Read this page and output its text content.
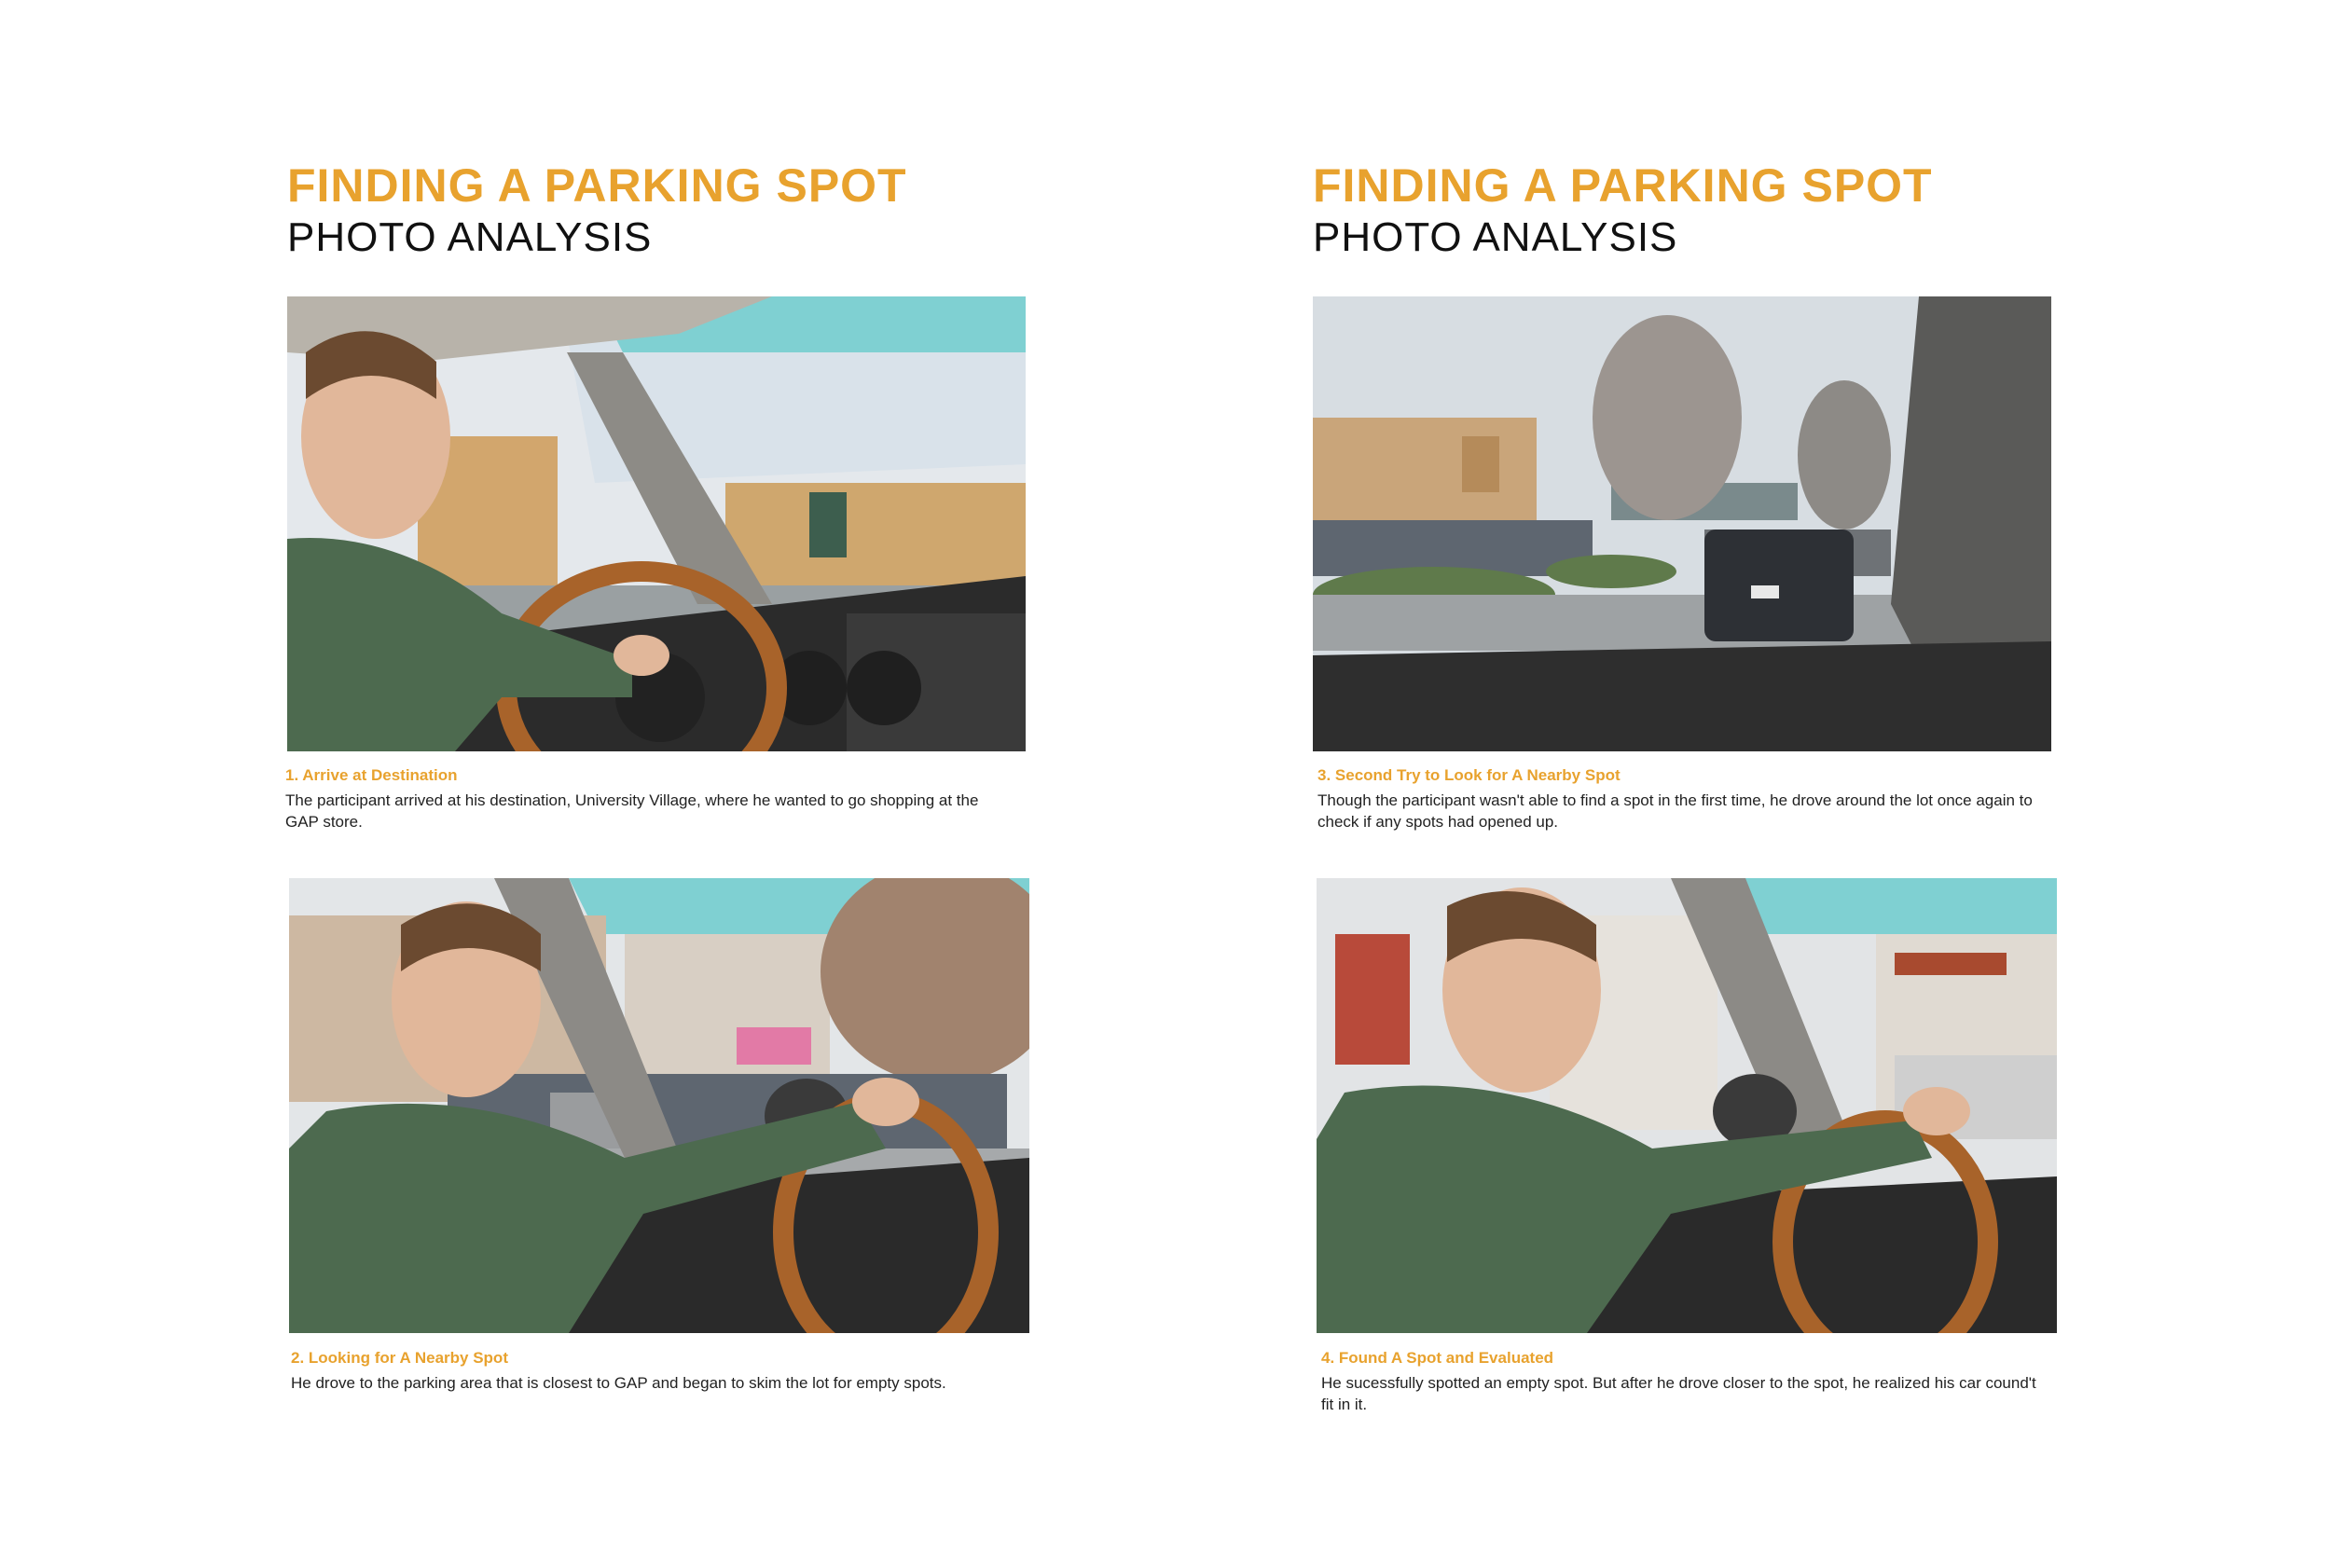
FINDING A PARKING SPOT
PHOTO ANALYSIS
1. Arrive at Destination
The participant arrived at his destination, University Village, where he wanted to go shopping at the GAP store.
2. Looking for A Nearby Spot
He drove to the parking area that is closest to GAP and began to skim the lot for empty spots.
FINDING A PARKING SPOT
PHOTO ANALYSIS
3. Second Try to Look for A Nearby Spot
Though the participant wasn't able to find a spot in the first time, he drove around the lot once again to check if any spots had opened up.
4. Found A Spot and Evaluated
He sucessfully spotted an empty spot. But after he drove closer to the spot, he realized his car cound't fit in it.
